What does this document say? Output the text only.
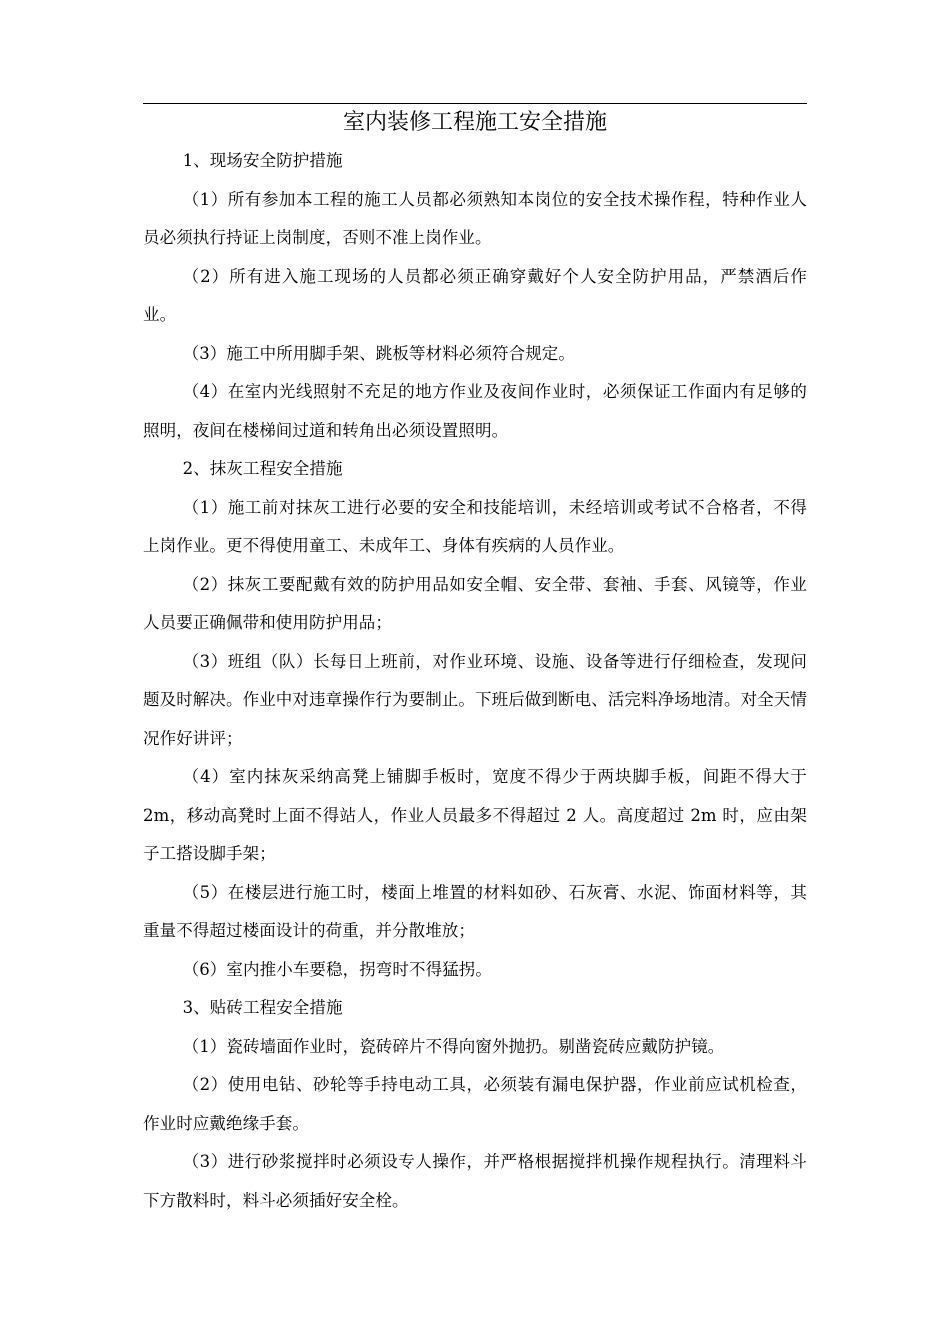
室内装修工程施工安全措施

1、现场安全防护措施

（1）所有参加本工程的施工人员都必须熟知本岗位的安全技术操作程，特种作业人员必须执行持证上岗制度，否则不准上岗作业。

（2）所有进入施工现场的人员都必须正确穿戴好个人安全防护用品，严禁酒后作业。

（3）施工中所用脚手架、跳板等材料必须符合规定。

（4）在室内光线照射不充足的地方作业及夜间作业时，必须保证工作面内有足够的照明，夜间在楼梯间过道和转角出必须设置照明。

2、抹灰工程安全措施

（1）施工前对抹灰工进行必要的安全和技能培训，未经培训或考试不合格者，不得上岗作业。更不得使用童工、未成年工、身体有疾病的人员作业。

（2）抹灰工要配戴有效的防护用品如安全帽、安全带、套袖、手套、风镜等，作业人员要正确佩带和使用防护用品；

（3）班组（队）长每日上班前，对作业环境、设施、设备等进行仔细检查，发现问题及时解决。作业中对违章操作行为要制止。下班后做到断电、活完料净场地清。对全天情况作好讲评；

（4）室内抹灰采纳高凳上铺脚手板时，宽度不得少于两块脚手板，间距不得大于 2m，移动高凳时上面不得站人，作业人员最多不得超过 2 人。高度超过 2m 时，应由架子工搭设脚手架；

（5）在楼层进行施工时，楼面上堆置的材料如砂、石灰膏、水泥、饰面材料等，其重量不得超过楼面设计的荷重，并分散堆放；

（6）室内推小车要稳，拐弯时不得猛拐。

3、贴砖工程安全措施

（1）瓷砖墙面作业时，瓷砖碎片不得向窗外抛扔。剔凿瓷砖应戴防护镜。

（2）使用电钻、砂轮等手持电动工具，必须装有漏电保护器，作业前应试机检查，作业时应戴绝缘手套。

（3）进行砂浆搅拌时必须设专人操作，并严格根据搅拌机操作规程执行。清理料斗下方散料时，料斗必须插好安全栓。
